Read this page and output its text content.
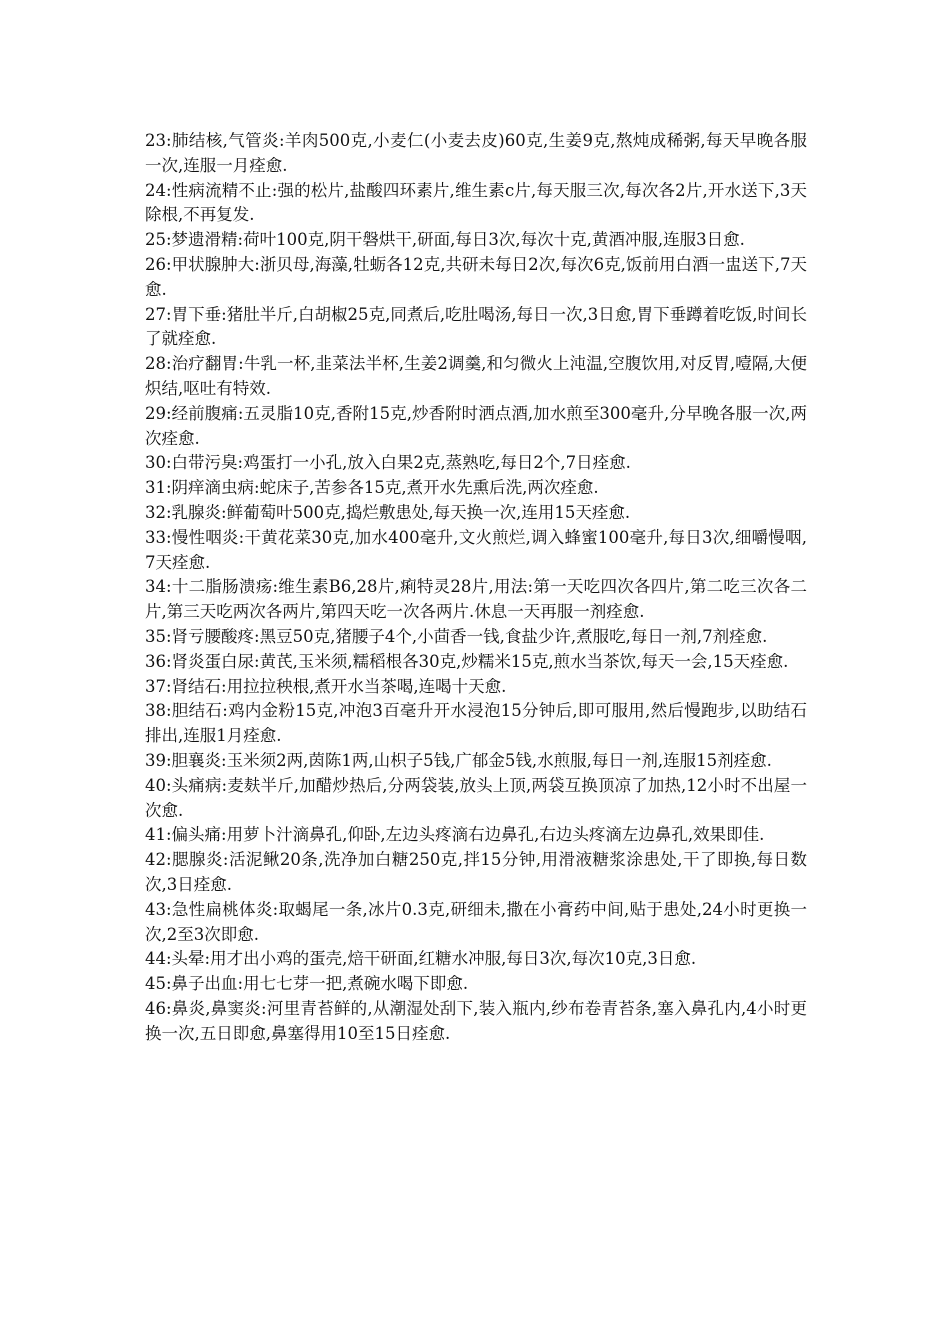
23:肺结核,气管炎:羊肉500克,小麦仁(小麦去皮)60克,生姜9克,熬炖成稀粥,每天早晚各服一次,连服一月痊愈.

24:性病流精不止:强的松片,盐酸四环素片,维生素c片,每天服三次,每次各2片,开水送下,3天除根,不再复发.

25:梦遗滑精:荷叶100克,阴干磐烘干,研面,每日3次,每次十克,黄酒冲服,连服3日愈.

26:甲状腺肿大:浙贝母,海藻,牡蛎各12克,共研未每日2次,每次6克,饭前用白酒一盅送下,7天愈.

27:胃下垂:猪肚半斤,白胡椒25克,同煮后,吃肚喝汤,每日一次,3日愈,胃下垂蹲着吃饭,时间长了就痊愈.

28:治疗翻胃:牛乳一杯,韭菜法半杯,生姜2调羹,和匀微火上沌温,空腹饮用,对反胃,噎隔,大便炽结,呕吐有特效.

29:经前腹痛:五灵脂10克,香附15克,炒香附时洒点酒,加水煎至300毫升,分早晚各服一次,两次痊愈.

30:白带污臭:鸡蛋打一小孔,放入白果2克,蒸熟吃,每日2个,7日痊愈.

31:阴痒滴虫病:蛇床子,苦参各15克,煮开水先熏后洗,两次痊愈.

32:乳腺炎:鲜葡萄叶500克,捣烂敷患处,每天换一次,连用15天痊愈.

33:慢性咽炎:干黄花菜30克,加水400毫升,文火煎烂,调入蜂蜜100毫升,每日3次,细嚼慢咽,7天痊愈.

34:十二脂肠溃疡:维生素B6,28片,痢特灵28片,用法:第一天吃四次各四片,第二吃三次各二片,第三天吃两次各两片,第四天吃一次各两片.休息一天再服一剂痊愈.

35:肾亏腰酸疼:黑豆50克,猪腰子4个,小茴香一钱,食盐少许,煮服吃,每日一剂,7剂痊愈.

36:肾炎蛋白尿:黄芪,玉米须,糯稻根各30克,炒糯米15克,煎水当茶饮,每天一会,15天痊愈.

37:肾结石:用拉拉秧根,煮开水当茶喝,连喝十天愈.

38:胆结石:鸡内金粉15克,冲泡3百毫升开水浸泡15分钟后,即可服用,然后慢跑步,以助结石排出,连服1月痊愈.

39:胆襄炎:玉米须2两,茵陈1两,山枳子5钱,广郁金5钱,水煎服,每日一剂,连服15剂痊愈.

40:头痛病:麦麸半斤,加醋炒热后,分两袋装,放头上顶,两袋互换顶凉了加热,12小时不出屋一次愈.

41:偏头痛:用萝卜汁滴鼻孔,仰卧,左边头疼滴右边鼻孔,右边头疼滴左边鼻孔,效果即佳.

42:腮腺炎:活泥鳅20条,洗净加白糖250克,拌15分钟,用滑液糖浆涂患处,干了即换,每日数次,3日痊愈.

43:急性扁桃体炎:取蝎尾一条,冰片0.3克,研细未,撒在小膏药中间,贴于患处,24小时更换一次,2至3次即愈.

44:头晕:用才出小鸡的蛋壳,焙干研面,红糖水冲服,每日3次,每次10克,3日愈.

45:鼻子出血:用七七芽一把,煮碗水喝下即愈.

46:鼻炎,鼻窦炎:河里青苔鲜的,从潮湿处刮下,装入瓶内,纱布卷青苔条,塞入鼻孔内,4小时更换一次,五日即愈,鼻塞得用10至15日痊愈.
